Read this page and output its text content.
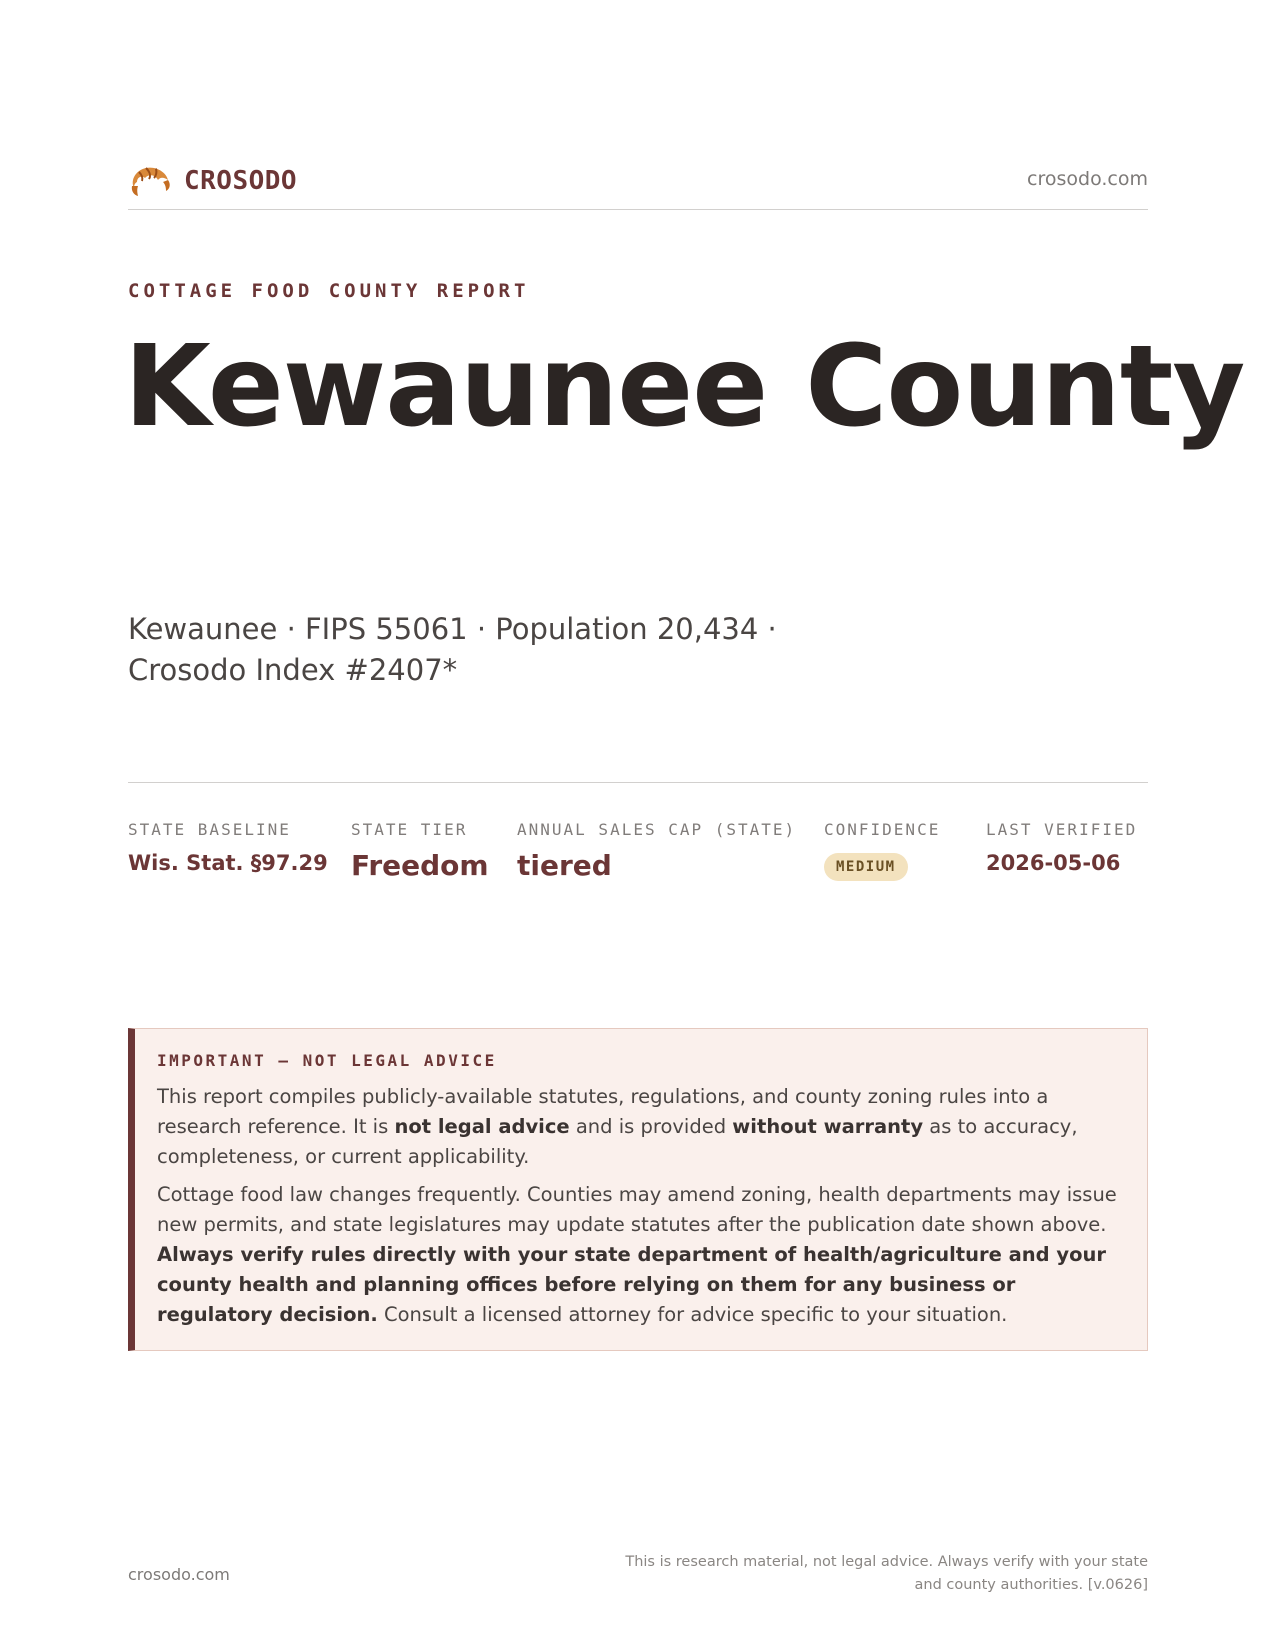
CROSODO	crosodo.com
COTTAGE FOOD COUNTY REPORT
Kewaunee County
Kewaunee · FIPS 55061 · Population 20,434 · Crosodo Index #2407*
STATE BASELINE
Wis. Stat. §97.29
STATE TIER
Freedom
ANNUAL SALES CAP (STATE)
tiered
CONFIDENCE
MEDIUM
LAST VERIFIED
2026-05-06
IMPORTANT — NOT LEGAL ADVICE

This report compiles publicly-available statutes, regulations, and county zoning rules into a research reference. It is not legal advice and is provided without warranty as to accuracy, completeness, or current applicability.

Cottage food law changes frequently. Counties may amend zoning, health departments may issue new permits, and state legislatures may update statutes after the publication date shown above. Always verify rules directly with your state department of health/agriculture and your county health and planning offices before relying on them for any business or regulatory decision. Consult a licensed attorney for advice specific to your situation.

crosodo.com
This is research material, not legal advice. Always verify with your state
and county authorities. [v.0626]
